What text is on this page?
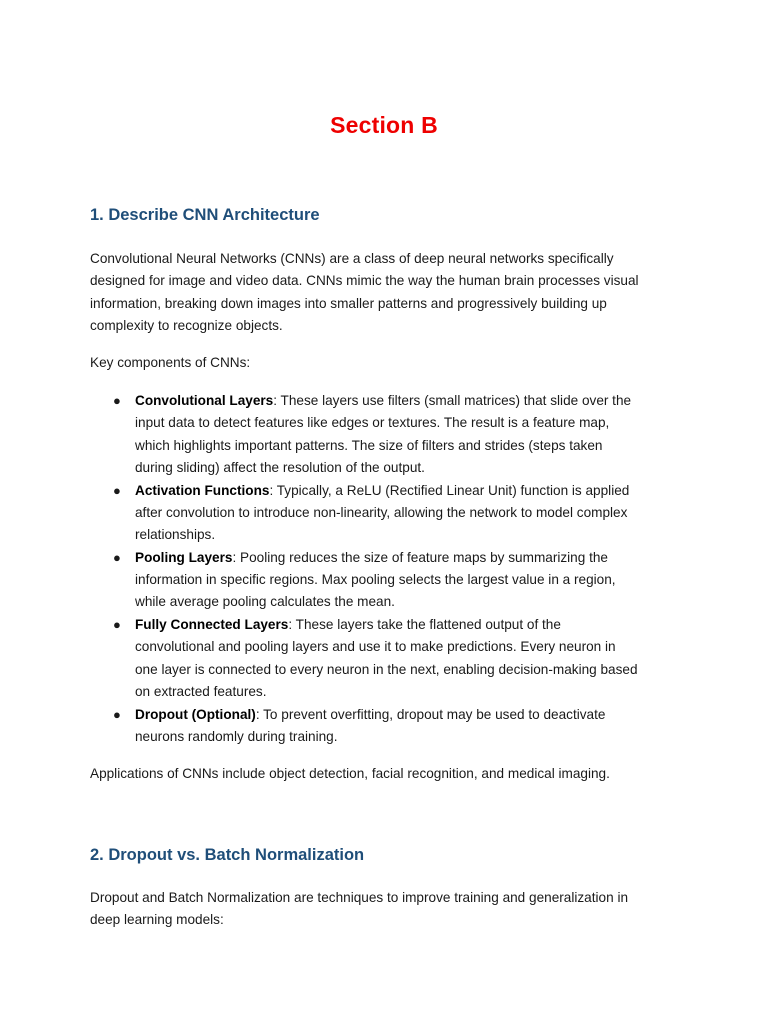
Section B
1. Describe CNN Architecture

Convolutional Neural Networks (CNNs) are a class of deep neural networks specifically
designed for image and video data. CNNs mimic the way the human brain processes visual
information, breaking down images into smaller patterns and progressively building up
complexity to recognize objects.

Key components of CNNs:

● Convolutional Layers: These layers use filters (small matrices) that slide over the
input data to detect features like edges or textures. The result is a feature map,
which highlights important patterns. The size of filters and strides (steps taken
during sliding) affect the resolution of the output.
● Activation Functions: Typically, a ReLU (Rectified Linear Unit) function is applied
after convolution to introduce non-linearity, allowing the network to model complex
relationships.
● Pooling Layers: Pooling reduces the size of feature maps by summarizing the
information in specific regions. Max pooling selects the largest value in a region,
while average pooling calculates the mean.
● Fully Connected Layers: These layers take the flattened output of the
convolutional and pooling layers and use it to make predictions. Every neuron in
one layer is connected to every neuron in the next, enabling decision-making based
on extracted features.
● Dropout (Optional): To prevent overfitting, dropout may be used to deactivate
neurons randomly during training.

Applications of CNNs include object detection, facial recognition, and medical imaging.

2. Dropout vs. Batch Normalization

Dropout and Batch Normalization are techniques to improve training and generalization in
deep learning models:
